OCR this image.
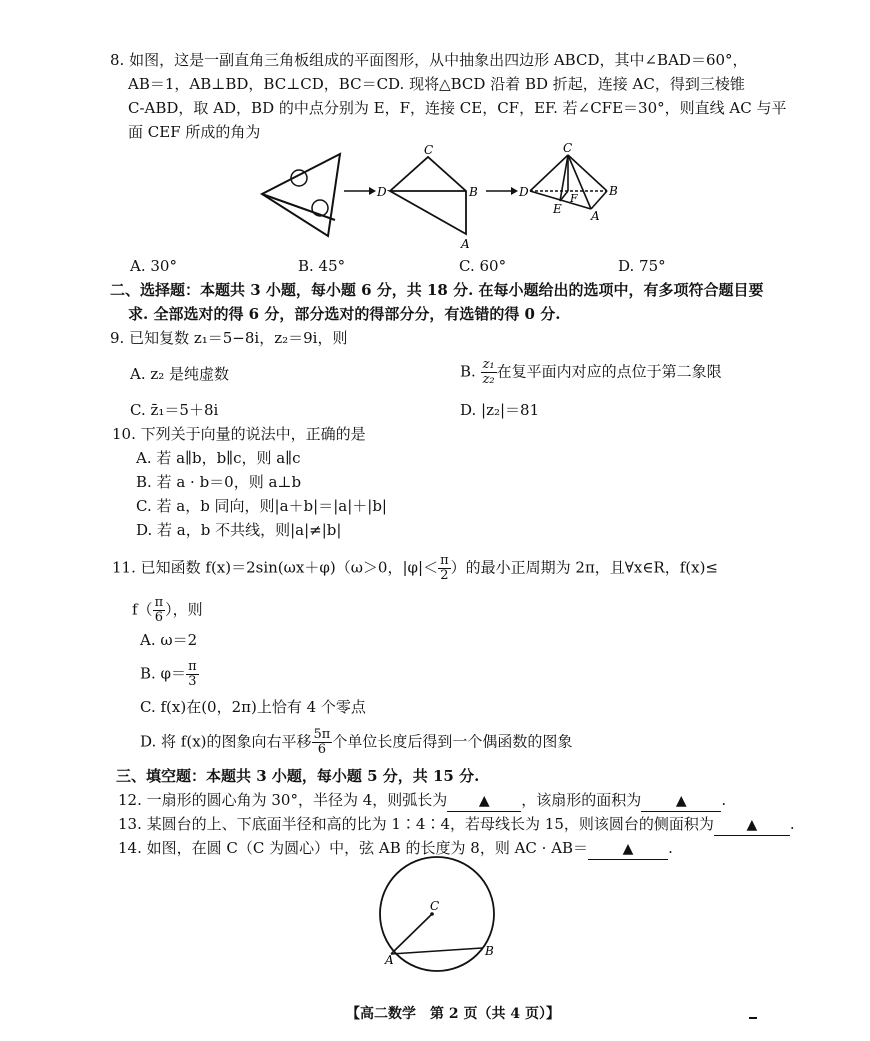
8. 如图，这是一副直角三角板组成的平面图形，从中抽象出四边形 ABCD，其中∠BAD＝60°，
AB＝1，AB⊥BD，BC⊥CD，BC＝CD. 现将△BCD 沿着 BD 折起，连接 AC，得到三棱锥
C-ABD，取 AD，BD 的中点分别为 E，F，连接 CE，CF，EF. 若∠CFE＝30°，则直线 AC 与平
面 CEF 所成的角为
C
D	B
A
C
D	B
A
E
F
A. 30°	B. 45°	C. 60°	D. 75°
二、选择题：本题共 3 小题，每小题 6 分，共 18 分. 在每小题给出的选项中，有多项符合题目要
求. 全部选对的得 6 分，部分选对的得部分分，有选错的得 0 分.
9. 已知复数 z₁＝5−8i，z₂＝9i，则
A. z₂ 是纯虚数	B. $\frac{\text{z₁}}{\text{z₂}}$ 在复平面内对应的点位于第二象限
C. z̄₁＝5＋8i	D. |z₂|＝81
10. 下列关于向量的说法中，正确的是
A. 若 a∥b，b∥c，则 a∥c
B. 若 a · b＝0，则 a⊥b
C. 若 a，b 同向，则|a＋b|＝|a|＋|b|
D. 若 a，b 不共线，则|a|≠|b|
11. 已知函数 f(x)＝2sin(ωx＋φ)（ω＞0，$|\varphi|< \frac{\pi}{2}$ ）的最小正周期为 2π，且∀x∈R，f(x)≤
$f( \frac{\pi}{6}$ ），则
A. ω＝2
B. $\varphi= \frac{\pi}{3}$
C. f(x)在(0，2π)上恰有 4 个零点
D. 将 f(x)的图象向右平移 $\frac{5\pi}{6}$ 个单位长度后得到一个偶函数的图象
三、填空题：本题共 3 小题，每小题 5 分，共 15 分.
12. 一扇形的圆心角为 30°，半径为 4，则弧长为 ▲ ，该扇形的面积为 ▲ .
13. 某圆台的上、下底面半径和高的比为 1∶4∶4，若母线长为 15，则该圆台的侧面积为 ▲ .
14. 如图，在圆 C（C 为圆心）中，弦 AB 的长度为 8，则 AC · AB＝ ▲ .
C
A
B
【高二数学　第 2 页（共 4 页）】
